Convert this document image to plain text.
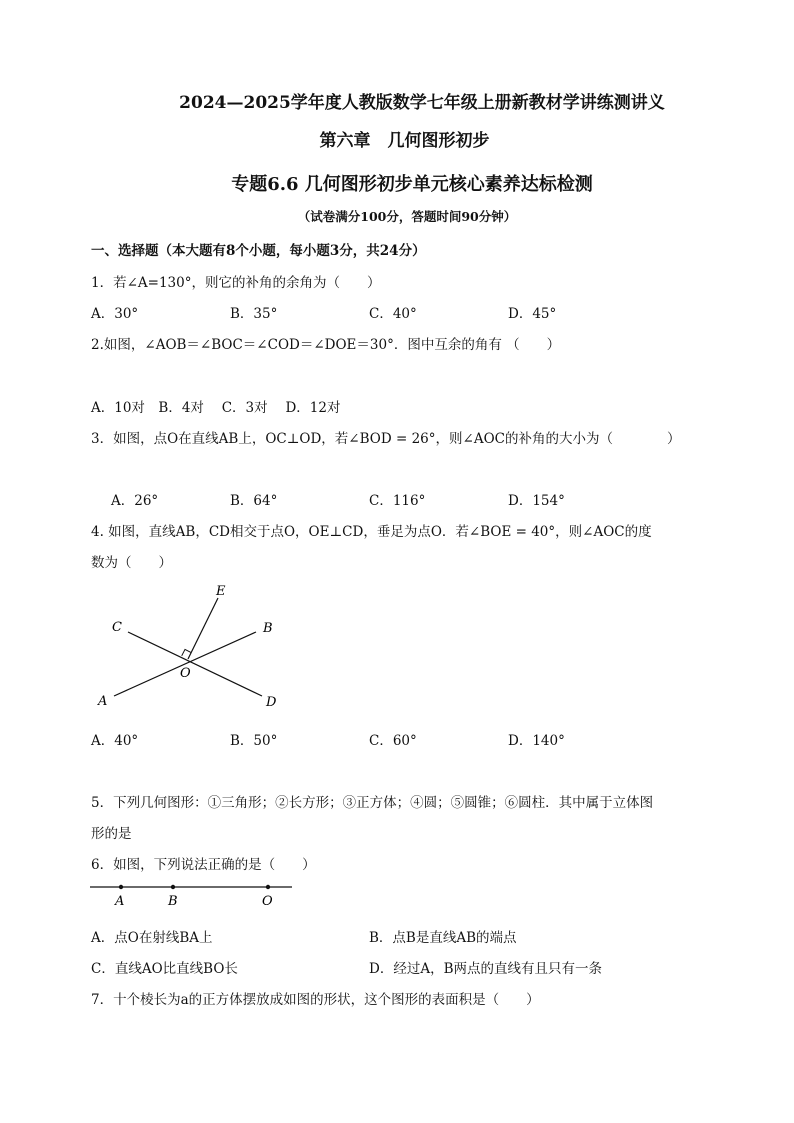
2024—2025学年度人教版数学七年级上册新教材学讲练测讲义
第六章　几何图形初步
专题6.6 几何图形初步单元核心素养达标检测
（试卷满分100分，答题时间90分钟）
一、选择题（本大题有8个小题，每小题3分，共24分）
1．若∠A=130°，则它的补角的余角为（　　）
A．30°	B．35°	C．40°	D．45°
2.如图，∠AOB＝∠BOC＝∠COD＝∠DOE＝30°．图中互余的角有 （　　）
A．10对　B．4对　 C．3对　 D．12对
3．如图，点O在直线AB上，OC⊥OD，若∠BOD = 26°，则∠AOC的补角的大小为（　　　　）
A．26°	B．64°	C．116°	D．154°
4. 如图，直线AB，CD相交于点O，OE⊥CD，垂足为点O．若∠BOE = 40°，则∠AOC的度
数为（　　）
E
C	B
O
A	D
A．40°	B．50°	C．60°	D．140°
5．下列几何图形：①三角形；②长方形；③正方体；④圆；⑤圆锥；⑥圆柱．其中属于立体图
形的是
6．如图，下列说法正确的是（　　）
A	B	O
A．点O在射线BA上	B．点B是直线AB的端点
C．直线AO比直线BO长	D．经过A，B两点的直线有且只有一条
7．十个棱长为a的正方体摆放成如图的形状，这个图形的表面积是（　　）
